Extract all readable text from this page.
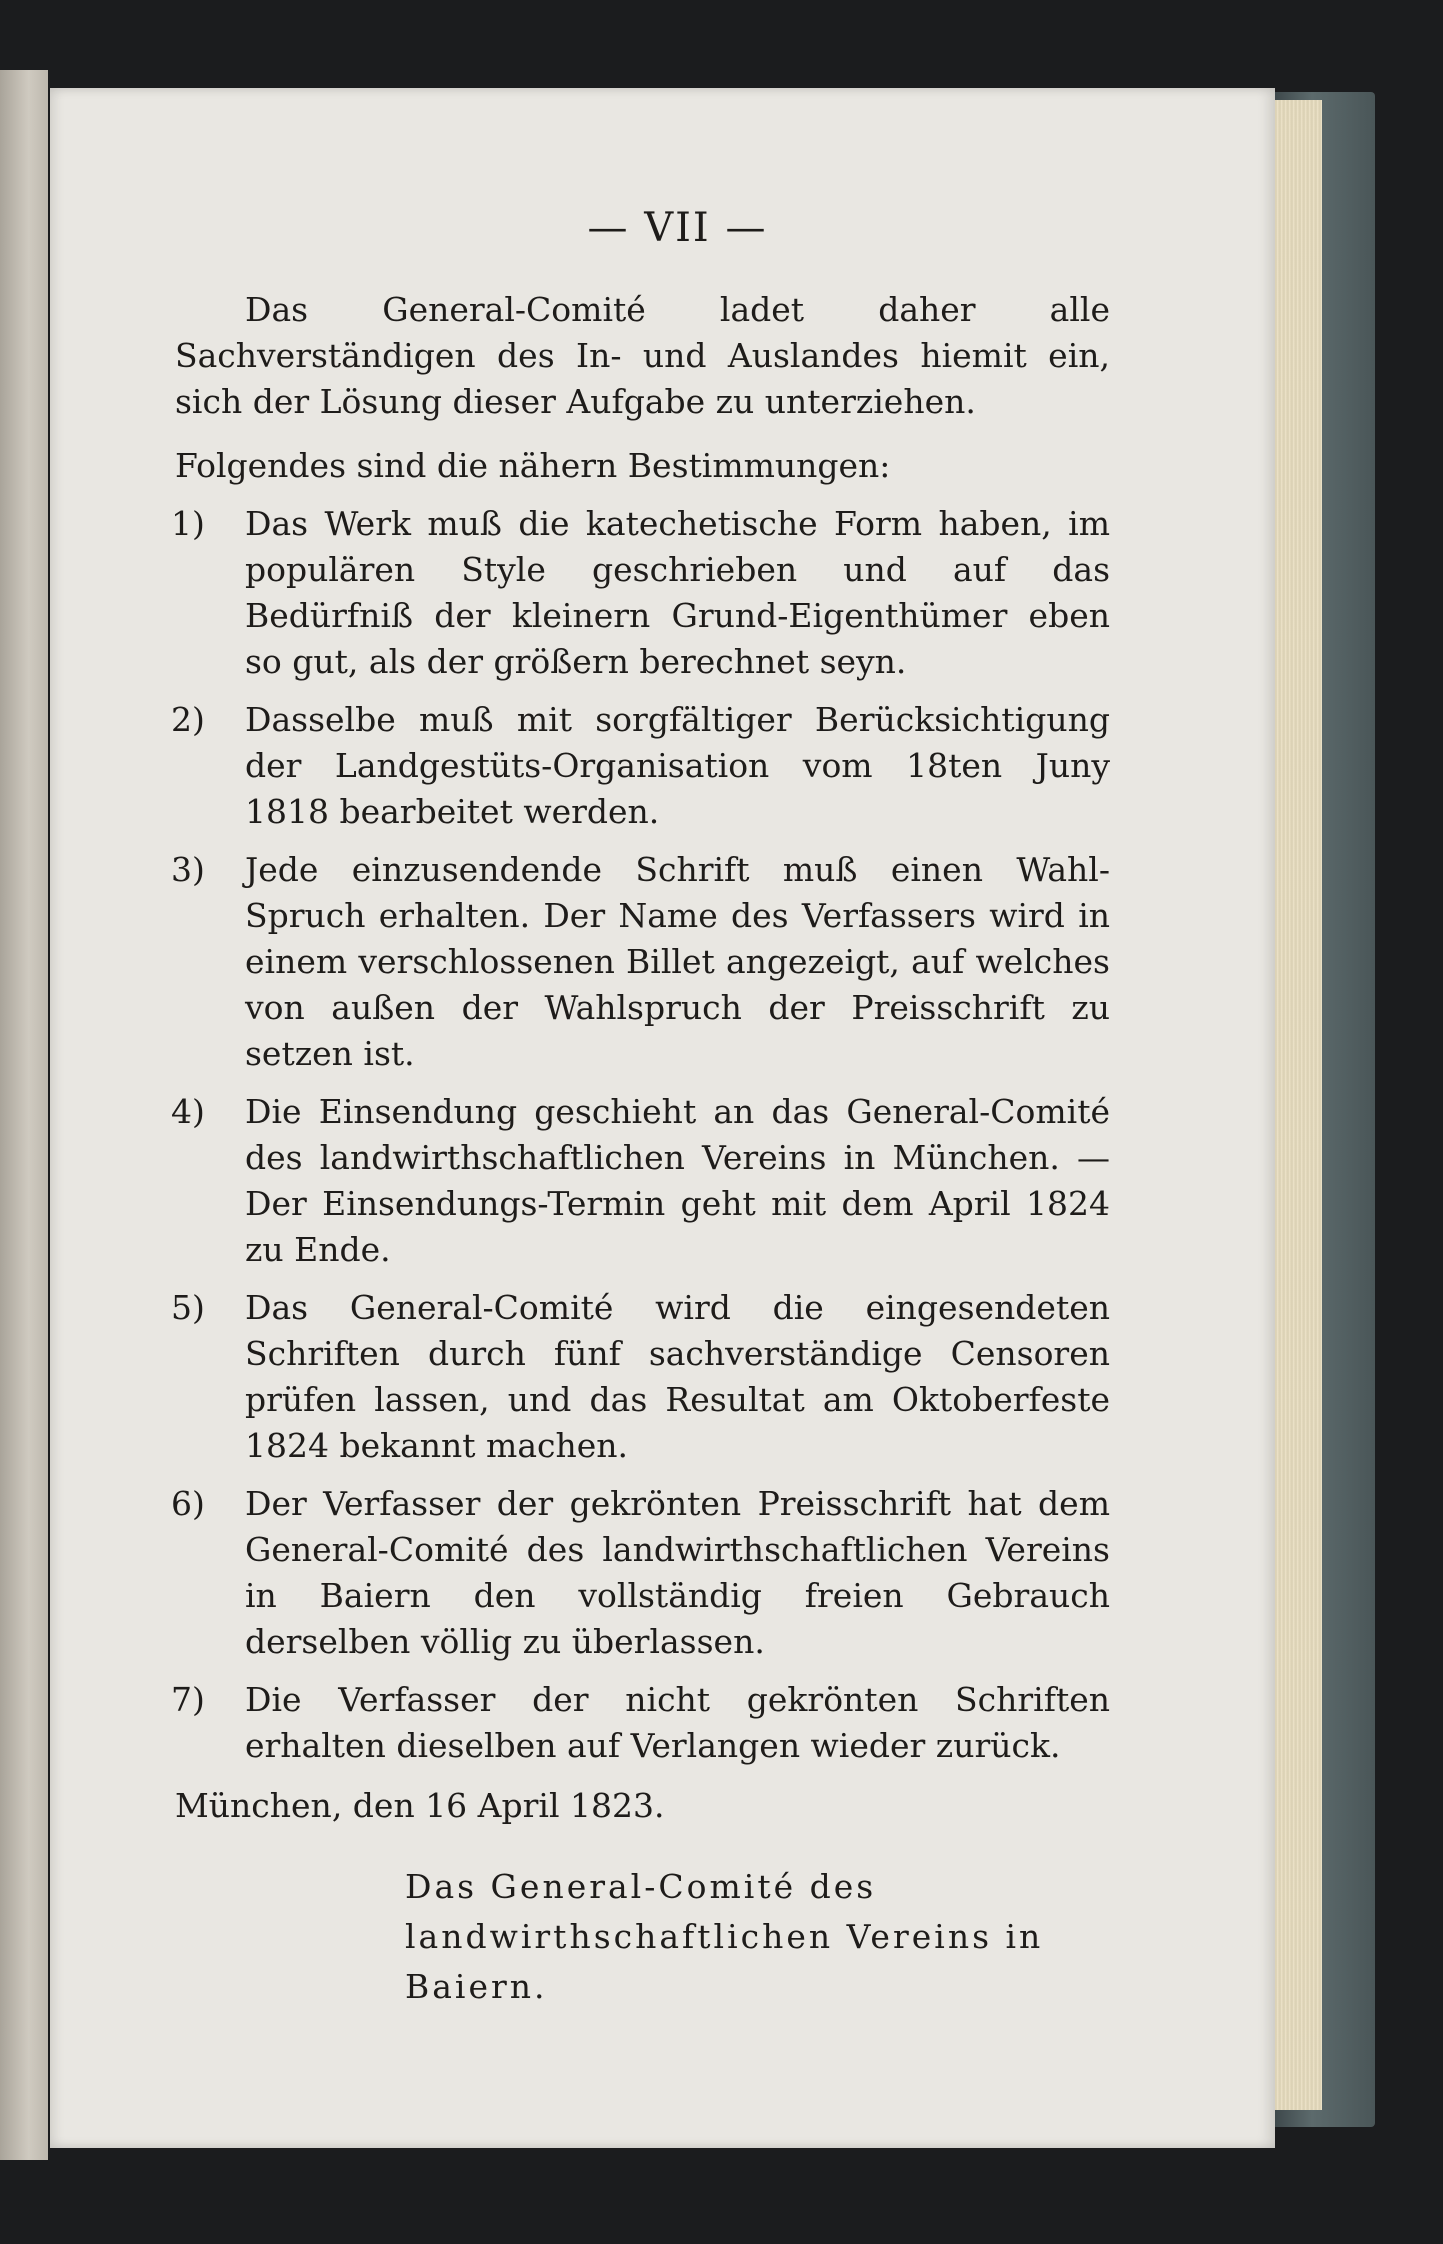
— VII —

Das General-Comité ladet daher alle Sachverständigen des In- und Auslandes hiemit ein, sich der Lösung dieser Aufgabe zu unterziehen.

Folgendes sind die nähern Bestimmungen:

1) Das Werk muß die katechetische Form haben, im populären Style geschrieben und auf das Bedürfniß der kleinern Grund-Eigenthümer eben so gut, als der größern berechnet seyn.
2) Dasselbe muß mit sorgfältiger Berücksichtigung der Landgestüts-Organisation vom 18ten Juny 1818 bearbeitet werden.
3) Jede einzusendende Schrift muß einen Wahl-Spruch erhalten. Der Name des Verfassers wird in einem verschlossenen Billet angezeigt, auf welches von außen der Wahlspruch der Preisschrift zu setzen ist.
4) Die Einsendung geschieht an das General-Comité des landwirthschaftlichen Vereins in München. — Der Einsendungs-Termin geht mit dem April 1824 zu Ende.
5) Das General-Comité wird die eingesendeten Schriften durch fünf sachverständige Censoren prüfen lassen, und das Resultat am Oktoberfeste 1824 bekannt machen.
6) Der Verfasser der gekrönten Preisschrift hat dem General-Comité des landwirthschaftlichen Vereins in Baiern den vollständig freien Gebrauch derselben völlig zu überlassen.
7) Die Verfasser der nicht gekrönten Schriften erhalten dieselben auf Verlangen wieder zurück.

München, den 16 April 1823.

Das General-Comité des landwirthschaftlichen Vereins in Baiern.
